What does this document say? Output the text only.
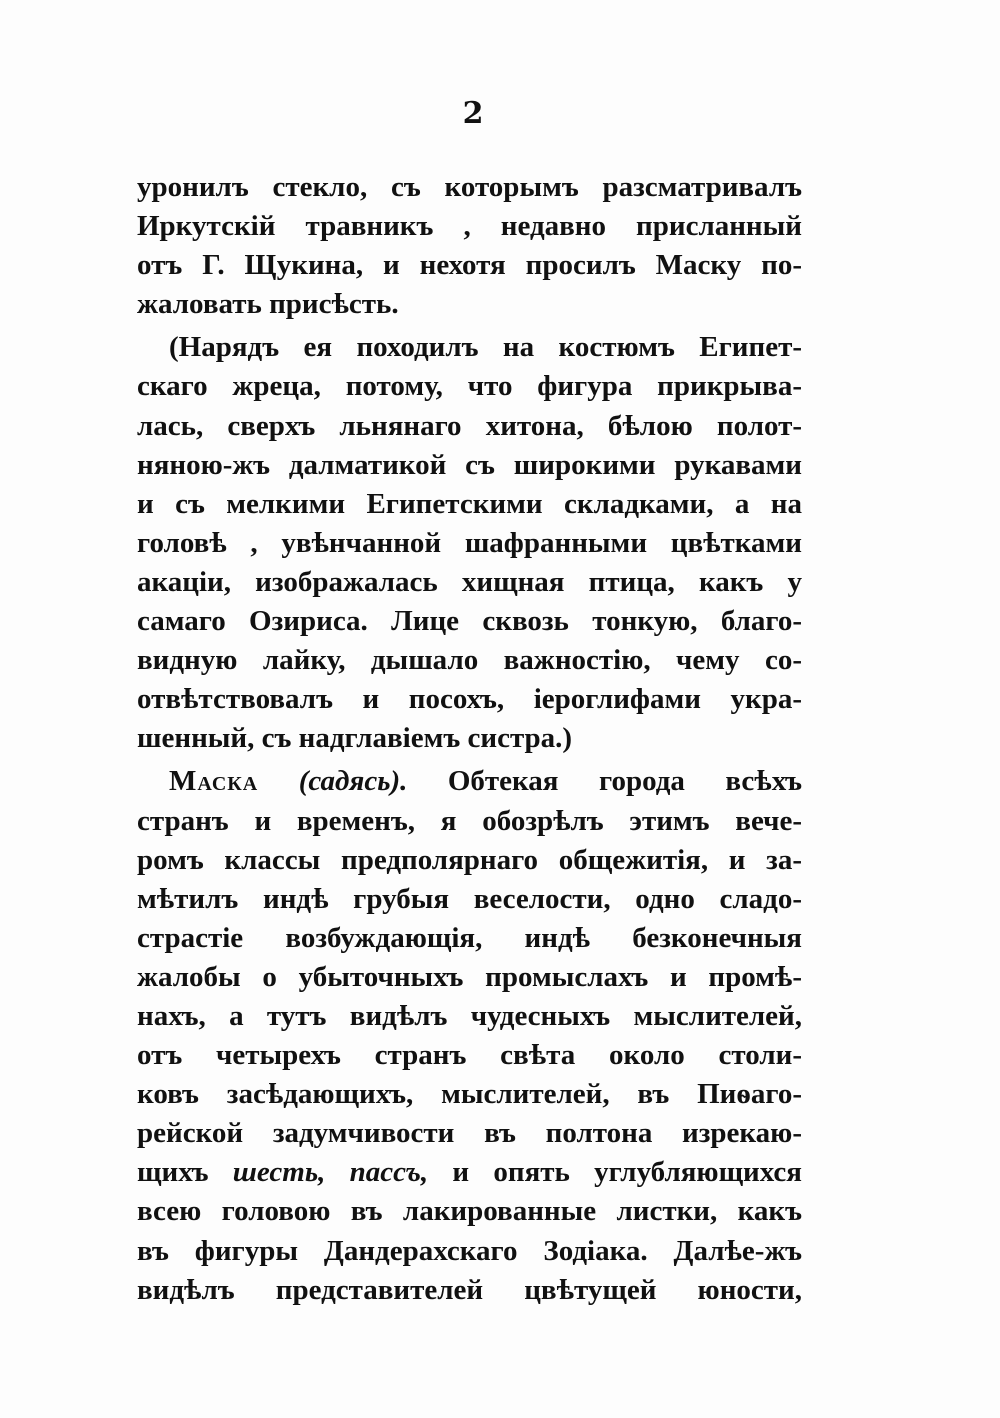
2
уронилъ стекло, съ которымъ разсматривалъ
Иркутскій травникъ , недавно присланный
отъ Г. Щукина, и нехотя просилъ Маску по-
жаловать присѣсть.
(Нарядъ ея походилъ на костюмъ Египет-
скаго жреца, потому, что фигура прикрыва-
лась, сверхъ льнянаго хитона, бѣлою полот-
няною-жъ далматикой съ широкими рукавами
и съ мелкими Египетскими складками, а на
головѣ , увѣнчанной шафранными цвѣтками
акаціи, изображалась хищная птица, какъ у
самаго Озириса. Лице сквозь тонкую, благо-
видную лайку, дышало важностію, чему со-
отвѣтствовалъ и посохъ, іероглифами укра-
шенный, съ надглавіемъ систра.)
Маска (садясь). Обтекая города всѣхъ
странъ и временъ, я обозрѣлъ этимъ вече-
ромъ классы предполярнаго общежитія, и за-
мѣтилъ индѣ грубыя веселости, одно сладо-
страстіе возбуждающія, индѣ безконечныя
жалобы о убыточныхъ промыслахъ и промѣ-
нахъ, а тутъ видѣлъ чудесныхъ мыслителей,
отъ четырехъ странъ свѣта около столи-
ковъ засѣдающихъ, мыслителей, въ Пиѳаго-
рейской задумчивости въ полтона изрекаю-
щихъ шесть, пассъ, и опять углубляющихся
всею головою въ лакированные листки, какъ
въ фигуры Дандерахскаго Зодіака. Далѣе-жъ
видѣлъ представителей цвѣтущей юности,
